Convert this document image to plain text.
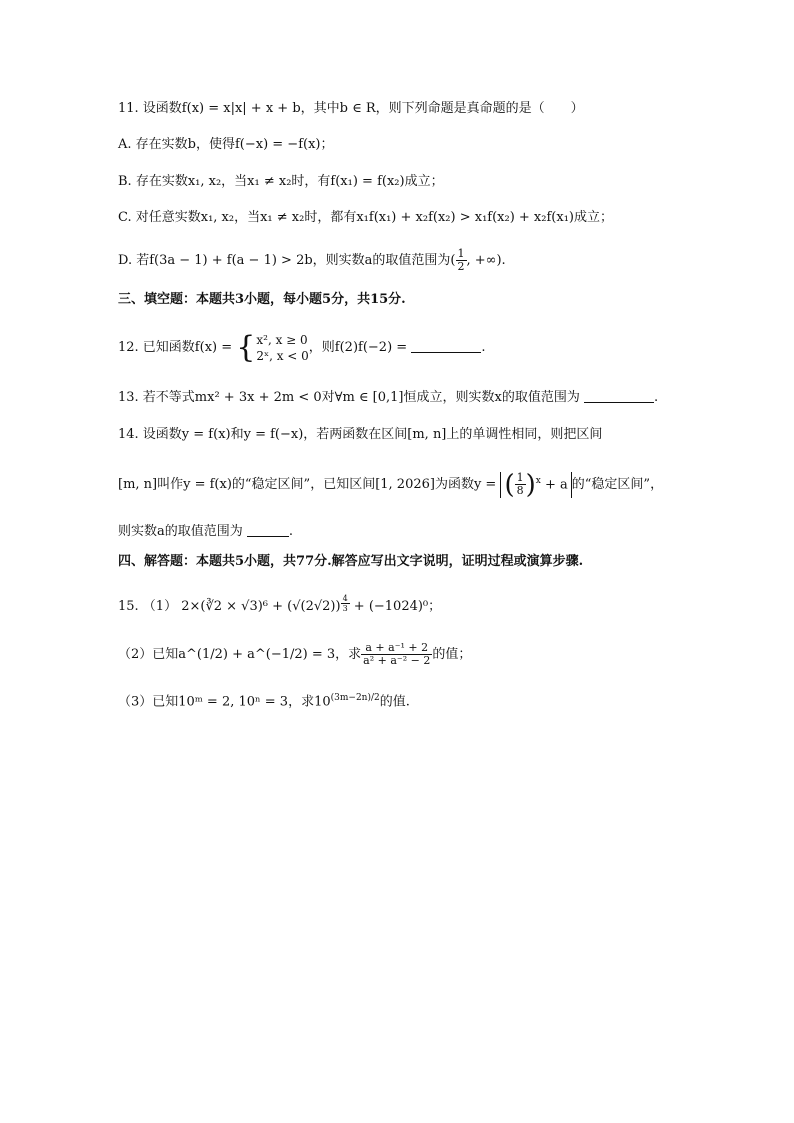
11. 设函数f(x) = x|x| + x + b，其中b ∈ R，则下列命题是真命题的是（　　）
A. 存在实数b，使得f(−x) = −f(x)；
B. 存在实数x₁, x₂，当x₁ ≠ x₂时，有f(x₁) = f(x₂)成立；
C. 对任意实数x₁, x₂，当x₁ ≠ x₂时，都有x₁f(x₁) + x₂f(x₂) > x₁f(x₂) + x₂f(x₁)成立；
D. 若f(3a − 1) + f(a − 1) > 2b，则实数a的取值范围为( $\frac{1}{2}$ , +∞).
三、填空题：本题共3小题，每小题5分，共15分.
12. 已知函数f(x) = { x², x ≥ 0
2ˣ, x < 0
，则f(2)f(−2) =	.
13. 若不等式mx² + 3x + 2m < 0对∀m ∈ [0,1]恒成立，则实数x的取值范围为	.
14. 设函数y = f(x)和y = f(−x)，若两函数在区间[m, n]上的单调性相同，则把区间
[m, n]叫作y = f(x)的“稳定区间”，已知区间[1, 2026]为函数y = ( $\frac{1}{8} )^x + a$ 的“稳定区间”，
则实数a的取值范围为	.
四、解答题：本题共5小题，共77分.解答应写出文字说明，证明过程或演算步骤.
15. （1） 2×(∛2 × $√3)^6 + (√(2√2)) \frac{4}{3} + (-1024)^0$；
（2）已知a^(1/2) + a^(−1/2) = 3，求 $\frac{\text{a + a⁻¹ + 2}}{\text{a² + a⁻² − 2}}$ 的值；
（3）已知10ᵐ = 2, 10ⁿ = 3，求$10^{(3m-2n)/2}$的值.
